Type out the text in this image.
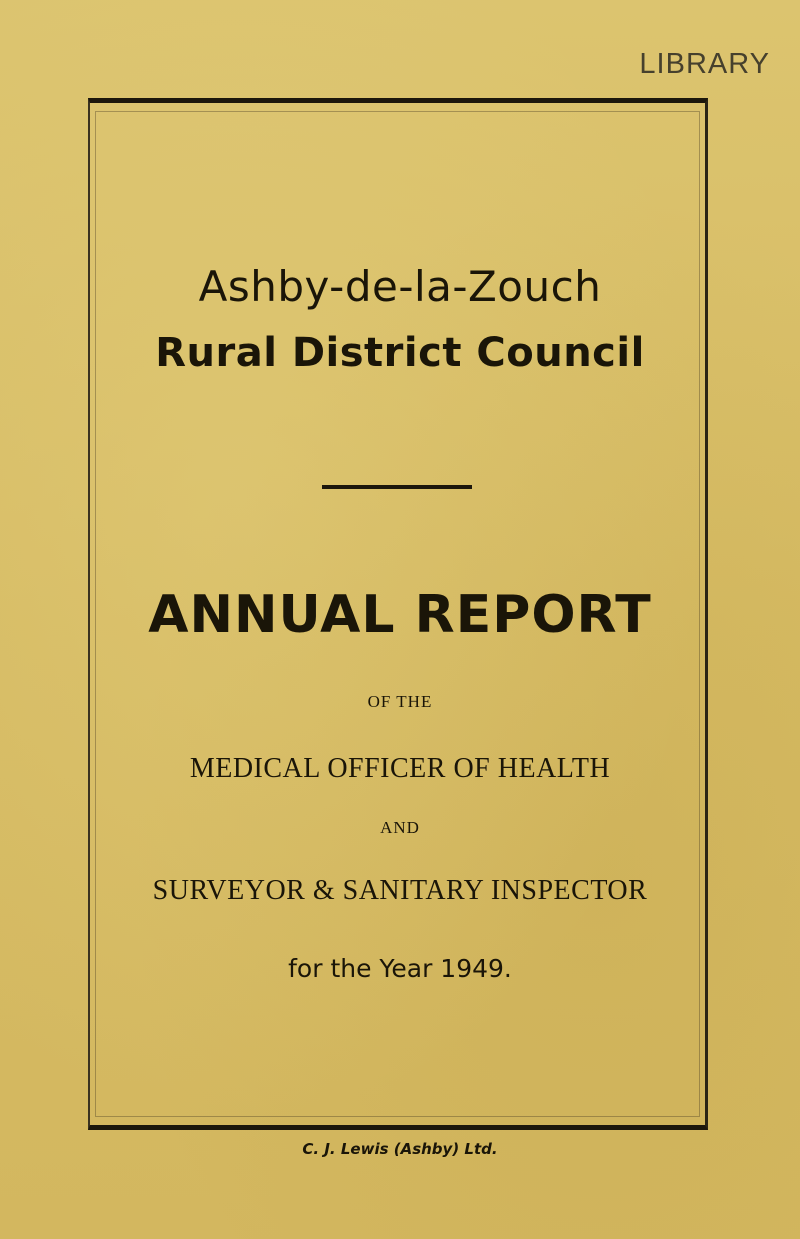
LIBRARY
Ashby-de-la-Zouch
Rural District Council
ANNUAL REPORT
OF THE
MEDICAL OFFICER OF HEALTH
AND
SURVEYOR & SANITARY INSPECTOR
for the Year 1949.
C. J. Lewis (Ashby) Ltd.
